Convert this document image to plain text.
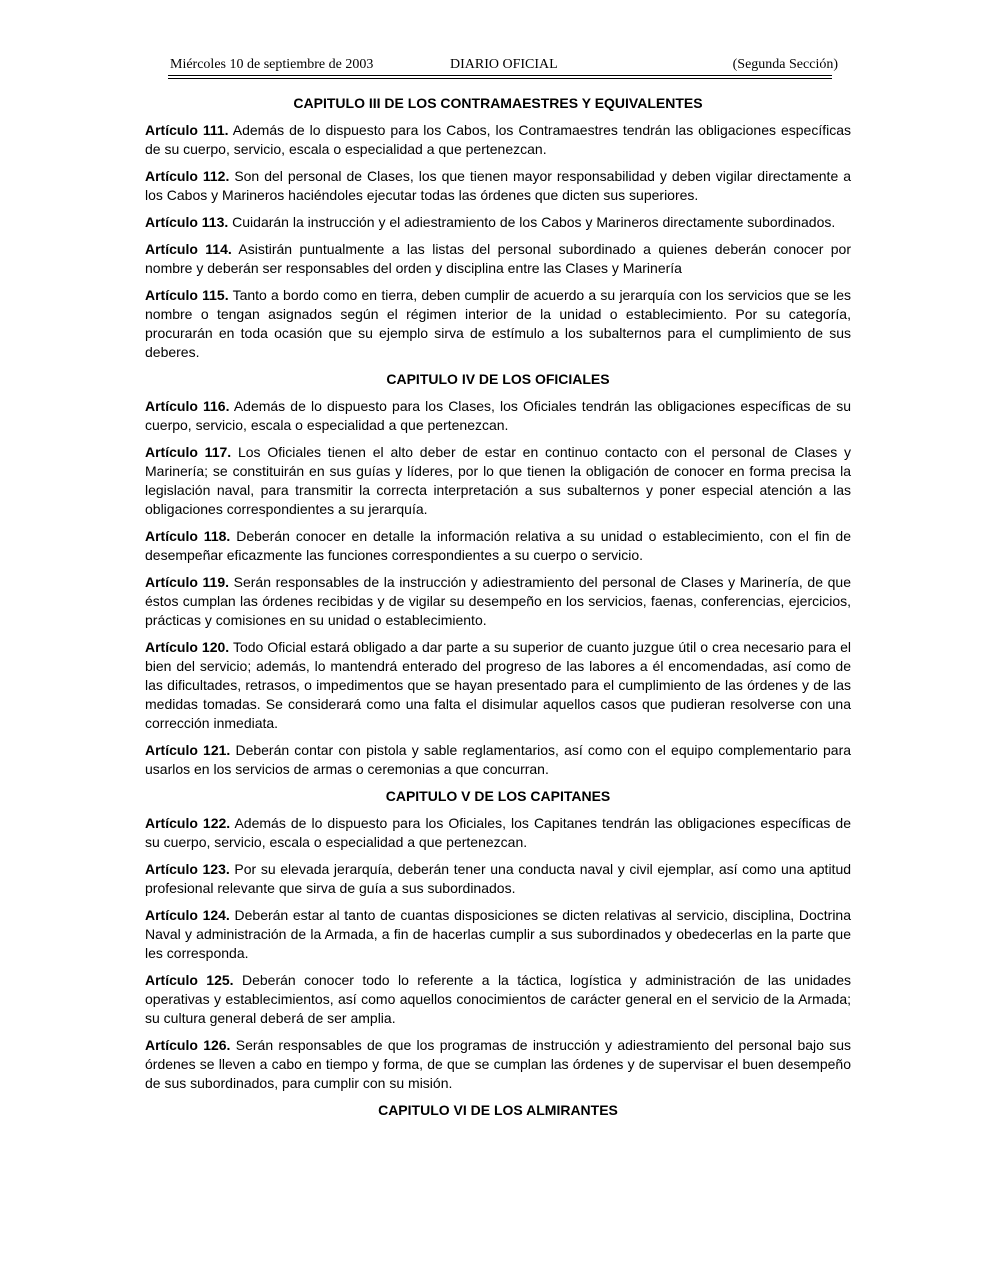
Miércoles 10 de septiembre de 2003	DIARIO OFICIAL	(Segunda Sección)
CAPITULO III DE LOS CONTRAMAESTRES Y EQUIVALENTES
Artículo 111. Además de lo dispuesto para los Cabos, los Contramaestres tendrán las obligaciones específicas de su cuerpo, servicio, escala o especialidad a que pertenezcan.
Artículo 112. Son del personal de Clases, los que tienen mayor responsabilidad y deben vigilar directamente a los Cabos y Marineros haciéndoles ejecutar todas las órdenes que dicten sus superiores.
Artículo 113. Cuidarán la instrucción y el adiestramiento de los Cabos y Marineros directamente subordinados.
Artículo 114. Asistirán puntualmente a las listas del personal subordinado a quienes deberán conocer por nombre y deberán ser responsables del orden y disciplina entre las Clases y Marinería
Artículo 115. Tanto a bordo como en tierra, deben cumplir de acuerdo a su jerarquía con los servicios que se les nombre o tengan asignados según el régimen interior de la unidad o establecimiento. Por su categoría, procurarán en toda ocasión que su ejemplo sirva de estímulo a los subalternos para el cumplimiento de sus deberes.
CAPITULO IV DE LOS OFICIALES
Artículo 116. Además de lo dispuesto para los Clases, los Oficiales tendrán las obligaciones específicas de su cuerpo, servicio, escala o especialidad a que pertenezcan.
Artículo 117. Los Oficiales tienen el alto deber de estar en continuo contacto con el personal de Clases y Marinería; se constituirán en sus guías y líderes, por lo que tienen la obligación de conocer en forma precisa la legislación naval, para transmitir la correcta interpretación a sus subalternos y poner especial atención a las obligaciones correspondientes a su jerarquía.
Artículo 118. Deberán conocer en detalle la información relativa a su unidad o establecimiento, con el fin de desempeñar eficazmente las funciones correspondientes a su cuerpo o servicio.
Artículo 119. Serán responsables de la instrucción y adiestramiento del personal de Clases y Marinería, de que éstos cumplan las órdenes recibidas y de vigilar su desempeño en los servicios, faenas, conferencias, ejercicios, prácticas y comisiones en su unidad o establecimiento.
Artículo 120. Todo Oficial estará obligado a dar parte a su superior de cuanto juzgue útil o crea necesario para el bien del servicio; además, lo mantendrá enterado del progreso de las labores a él encomendadas, así como de las dificultades, retrasos, o impedimentos que se hayan presentado para el cumplimiento de las órdenes y de las medidas tomadas. Se considerará como una falta el disimular aquellos casos que pudieran resolverse con una corrección inmediata.
Artículo 121. Deberán contar con pistola y sable reglamentarios, así como con el equipo complementario para usarlos en los servicios de armas o ceremonias a que concurran.
CAPITULO V DE LOS CAPITANES
Artículo 122. Además de lo dispuesto para los Oficiales, los Capitanes tendrán las obligaciones específicas de su cuerpo, servicio, escala o especialidad a que pertenezcan.
Artículo 123. Por su elevada jerarquía, deberán tener una conducta naval y civil ejemplar, así como una aptitud profesional relevante que sirva de guía a sus subordinados.
Artículo 124. Deberán estar al tanto de cuantas disposiciones se dicten relativas al servicio, disciplina, Doctrina Naval y administración de la Armada, a fin de hacerlas cumplir a sus subordinados y obedecerlas en la parte que les corresponda.
Artículo 125. Deberán conocer todo lo referente a la táctica, logística y administración de las unidades operativas y establecimientos, así como aquellos conocimientos de carácter general en el servicio de la Armada; su cultura general deberá de ser amplia.
Artículo 126. Serán responsables de que los programas de instrucción y adiestramiento del personal bajo sus órdenes se lleven a cabo en tiempo y forma, de que se cumplan las órdenes y de supervisar el buen desempeño de sus subordinados, para cumplir con su misión.
CAPITULO VI DE LOS ALMIRANTES
